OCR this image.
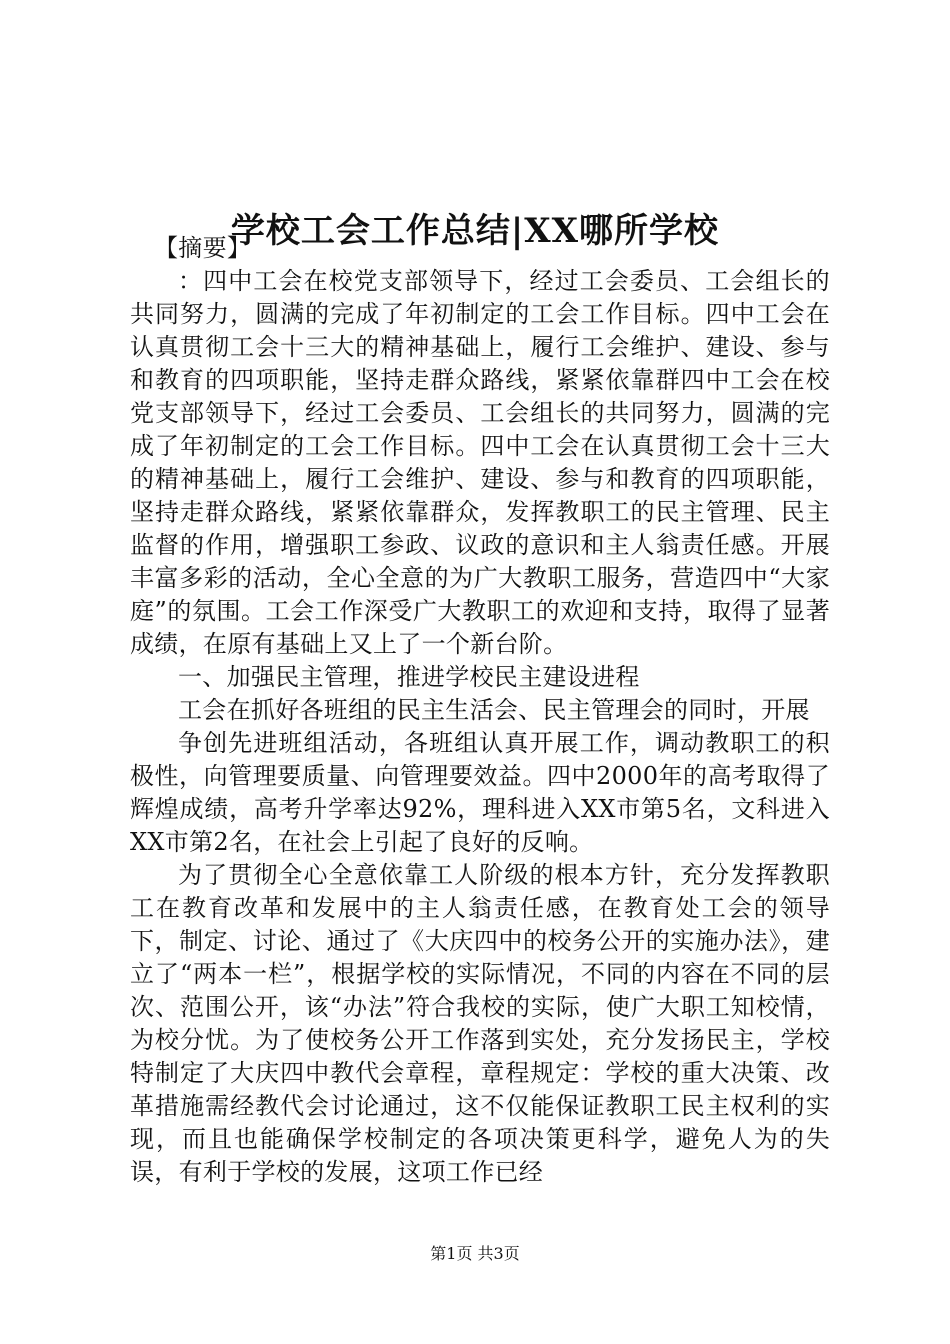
学校工会工作总结|XX哪所学校

【摘要】

：四中工会在校党支部领导下，经过工会委员、工会组长的共同努力，圆满的完成了年初制定的工会工作目标。四中工会在认真贯彻工会十三大的精神基础上，履行工会维护、建设、参与和教育的四项职能，坚持走群众路线，紧紧依靠群四中工会在校党支部领导下，经过工会委员、工会组长的共同努力，圆满的完成了年初制定的工会工作目标。四中工会在认真贯彻工会十三大的精神基础上，履行工会维护、建设、参与和教育的四项职能，坚持走群众路线，紧紧依靠群众，发挥教职工的民主管理、民主监督的作用，增强职工参政、议政的意识和主人翁责任感。开展丰富多彩的活动，全心全意的为广大教职工服务，营造四中“大家庭”的氛围。工会工作深受广大教职工的欢迎和支持，取得了显著成绩，在原有基础上又上了一个新台阶。

一、加强民主管理，推进学校民主建设进程

工会在抓好各班组的民主生活会、民主管理会的同时，开展

争创先进班组活动，各班组认真开展工作，调动教职工的积极性，向管理要质量、向管理要效益。四中2000年的高考取得了辉煌成绩，高考升学率达92%，理科进入XX市第5名，文科进入XX市第2名，在社会上引起了良好的反响。

为了贯彻全心全意依靠工人阶级的根本方针，充分发挥教职工在教育改革和发展中的主人翁责任感，在教育处工会的领导下，制定、讨论、通过了《大庆四中的校务公开的实施办法》，建立了“两本一栏”，根据学校的实际情况，不同的内容在不同的层次、范围公开，该“办法”符合我校的实际，使广大职工知校情，为校分忧。为了使校务公开工作落到实处，充分发扬民主，学校特制定了大庆四中教代会章程，章程规定：学校的重大决策、改革措施需经教代会讨论通过，这不仅能保证教职工民主权利的实现，而且也能确保学校制定的各项决策更科学，避免人为的失误，有利于学校的发展，这项工作已经

第1页 共3页
